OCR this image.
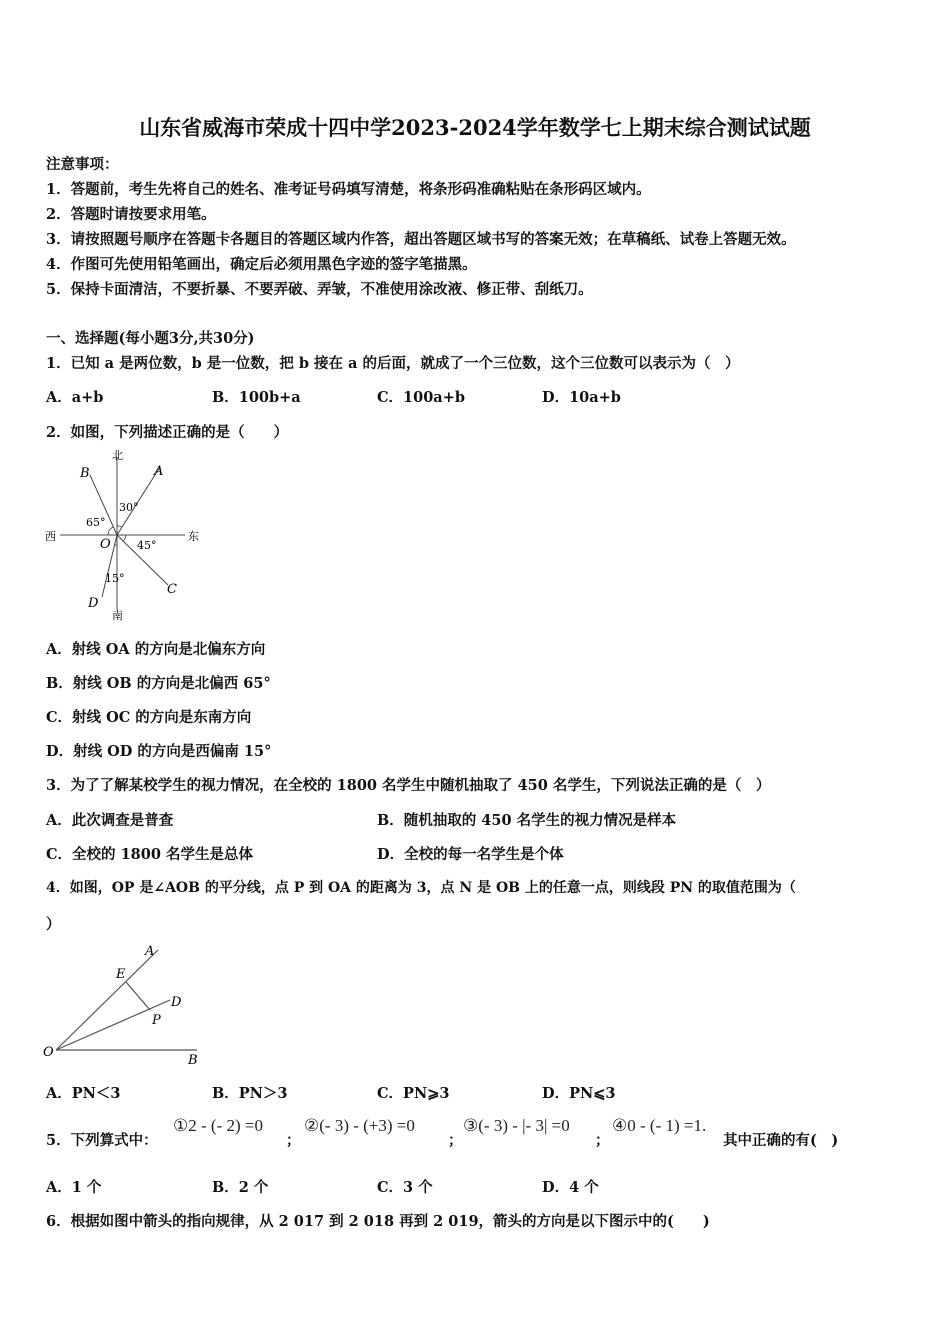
山东省威海市荣成十四中学2023-2024学年数学七上期末综合测试试题
注意事项：
1．答题前，考生先将自己的姓名、准考证号码填写清楚，将条形码准确粘贴在条形码区域内。
2．答题时请按要求用笔。
3．请按照题号顺序在答题卡各题目的答题区域内作答，超出答题区域书写的答案无效；在草稿纸、试卷上答题无效。
4．作图可先使用铅笔画出，确定后必须用黑色字迹的签字笔描黑。
5．保持卡面清洁，不要折暴、不要弄破、弄皱，不准使用涂改液、修正带、刮纸刀。
一、选择题(每小题3分,共30分)
1．已知 a 是两位数，b 是一位数，把 b 接在 a 的后面，就成了一个三位数，这个三位数可以表示为（　）
A．a+b	B．100b+a	C．100a+b	D．10a+b
2．如图，下列描述正确的是（　　）
北
南
西	东
A
B
C
D
O
30°
65°
45°
15°
A．射线 OA 的方向是北偏东方向
B．射线 OB 的方向是北偏西 65°
C．射线 OC 的方向是东南方向
D．射线 OD 的方向是西偏南 15°
3．为了了解某校学生的视力情况，在全校的 1800 名学生中随机抽取了 450 名学生，下列说法正确的是（　）
A．此次调查是普查	B．随机抽取的 450 名学生的视力情况是样本
C．全校的 1800 名学生是总体	D．全校的每一名学生是个体
4．如图，OP 是∠AOB 的平分线，点 P 到 OA 的距离为 3，点 N 是 OB 上的任意一点，则线段 PN 的取值范围为（
）
A
E
D
P
O
B
A．PN＜3	B．PN＞3	C．PN⩾3	D．PN⩽3
5．下列算式中：
①2 - (- 2) =0
；
②(- 3) - (+3) =0
；
③(- 3) - |- 3| =0
；
④0 - (- 1) =1.
其中正确的有(　)
A．1 个	B．2 个	C．3 个	D．4 个
6．根据如图中箭头的指向规律，从 2 017 到 2 018 再到 2 019，箭头的方向是以下图示中的(　　)
